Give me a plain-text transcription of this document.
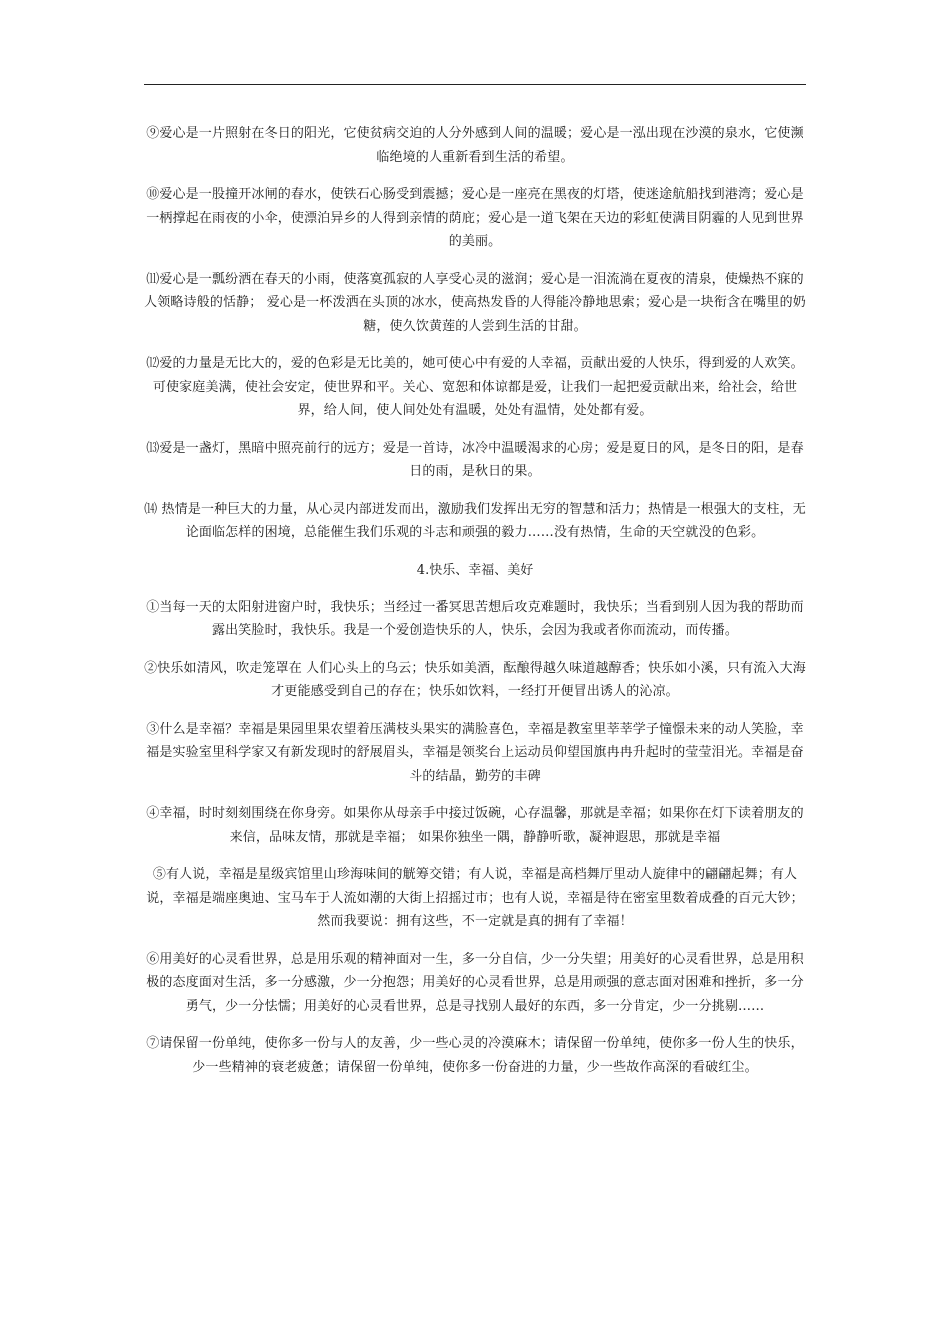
⑨爱心是一片照射在冬日的阳光，它使贫病交迫的人分外感到人间的温暖；爱心是一泓出现在沙漠的泉水，它使濒临绝境的人重新看到生活的希望。

⑩爱心是一股撞开冰闸的春水，使铁石心肠受到震撼；爱心是一座亮在黑夜的灯塔，使迷途航船找到港湾；爱心是一柄撑起在雨夜的小伞，使漂泊异乡的人得到亲情的荫庇；爱心是一道飞架在天边的彩虹使满目阴霾的人见到世界的美丽。

⑾爱心是一瓢纷洒在春天的小雨，使落寞孤寂的人享受心灵的滋润；爱心是一泪流淌在夏夜的清泉，使燥热不寐的人领略诗般的恬静； 爱心是一杯泼洒在头顶的冰水，使高热发昏的人得能冷静地思索；爱心是一块衔含在嘴里的奶糖，使久饮黄莲的人尝到生活的甘甜。

⑿爱的力量是无比大的，爱的色彩是无比美的，她可使心中有爱的人幸福，贡献出爱的人快乐，得到爱的人欢笑。可使家庭美满，使社会安定，使世界和平。关心、宽恕和体谅都是爱，让我们一起把爱贡献出来，给社会，给世界，给人间，使人间处处有温暖，处处有温情，处处都有爱。

⒀爱是一盏灯，黑暗中照亮前行的远方；爱是一首诗，冰冷中温暖渴求的心房；爱是夏日的风，是冬日的阳，是春日的雨，是秋日的果。

⒁ 热情是一种巨大的力量，从心灵内部迸发而出，激励我们发挥出无穷的智慧和活力；热情是一根强大的支柱，无论面临怎样的困境，总能催生我们乐观的斗志和顽强的毅力……没有热情，生命的天空就没的色彩。

4.快乐、幸福、美好

①当每一天的太阳射进窗户时，我快乐；当经过一番冥思苦想后攻克难题时，我快乐；当看到别人因为我的帮助而露出笑脸时，我快乐。我是一个爱创造快乐的人，快乐，会因为我或者你而流动，而传播。

②快乐如清风，吹走笼罩在 人们心头上的乌云；快乐如美酒，酝酿得越久味道越醇香；快乐如小溪，只有流入大海才更能感受到自己的存在；快乐如饮料，一经打开便冒出诱人的沁凉。

③什么是幸福？幸福是果园里果农望着压满枝头果实的满脸喜色，幸福是教室里莘莘学子憧憬未来的动人笑脸，幸福是实验室里科学家又有新发现时的舒展眉头，幸福是领奖台上运动员仰望国旗冉冉升起时的莹莹泪光。幸福是奋斗的结晶，勤劳的丰碑

④幸福，时时刻刻围绕在你身旁。如果你从母亲手中接过饭碗，心存温馨，那就是幸福；如果你在灯下读着朋友的来信，品味友情，那就是幸福； 如果你独坐一隅，静静听歌，凝神遐思，那就是幸福

⑤有人说，幸福是星级宾馆里山珍海味间的觥筹交错；有人说，幸福是高档舞厅里动人旋律中的翩翩起舞；有人说，幸福是端座奥迪、宝马车于人流如潮的大街上招摇过市；也有人说，幸福是待在密室里数着成叠的百元大钞；然而我要说：拥有这些，不一定就是真的拥有了幸福！

⑥用美好的心灵看世界，总是用乐观的精神面对一生，多一分自信，少一分失望；用美好的心灵看世界，总是用积极的态度面对生活，多一分感激，少一分抱怨；用美好的心灵看世界，总是用顽强的意志面对困难和挫折，多一分勇气，少一分怯懦；用美好的心灵看世界，总是寻找别人最好的东西，多一分肯定，少一分挑剔……

⑦请保留一份单纯，使你多一份与人的友善，少一些心灵的冷漠麻木；请保留一份单纯，使你多一份人生的快乐，少一些精神的衰老疲惫；请保留一份单纯，使你多一份奋进的力量，少一些故作高深的看破红尘。
